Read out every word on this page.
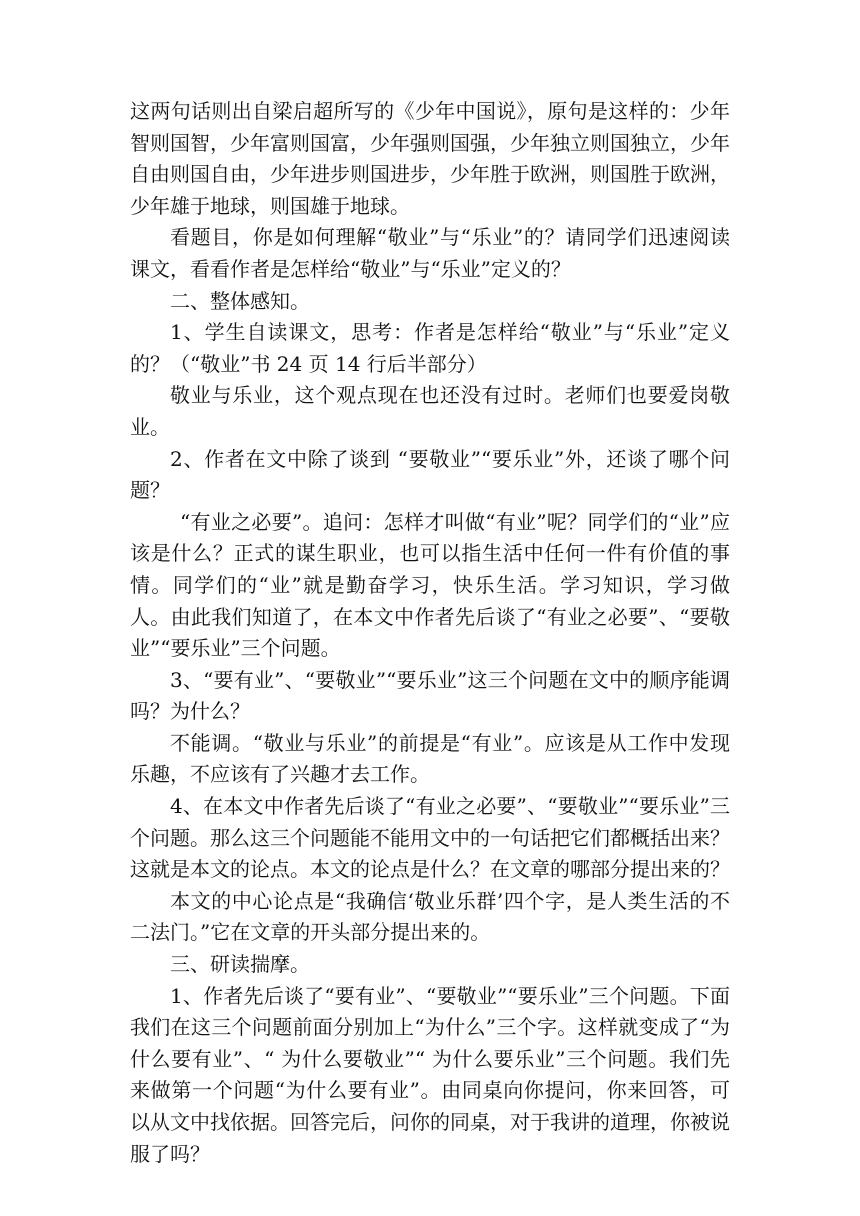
这两句话则出自梁启超所写的《少年中国说》，原句是这样的：少年智则国智，少年富则国富，少年强则国强，少年独立则国独立，少年自由则国自由，少年进步则国进步，少年胜于欧洲，则国胜于欧洲，少年雄于地球，则国雄于地球。

看题目，你是如何理解“敬业”与“乐业”的？请同学们迅速阅读课文，看看作者是怎样给“敬业”与“乐业”定义的？

二、整体感知。

1、学生自读课文，思考：作者是怎样给“敬业”与“乐业”定义的？（“敬业”书 24 页 14 行后半部分）

敬业与乐业，这个观点现在也还没有过时。老师们也要爱岗敬业。

2、作者在文中除了谈到 “要敬业”“要乐业”外，还谈了哪个问题？

“有业之必要”。追问：怎样才叫做“有业”呢？同学们的“业”应该是什么？正式的谋生职业，也可以指生活中任何一件有价值的事情。同学们的“业”就是勤奋学习，快乐生活。学习知识，学习做人。由此我们知道了，在本文中作者先后谈了“有业之必要”、“要敬业”“要乐业”三个问题。

3、“要有业”、“要敬业”“要乐业”这三个问题在文中的顺序能调吗？为什么？

不能调。“敬业与乐业”的前提是“有业”。应该是从工作中发现乐趣，不应该有了兴趣才去工作。

4、在本文中作者先后谈了“有业之必要”、“要敬业”“要乐业”三个问题。那么这三个问题能不能用文中的一句话把它们都概括出来？这就是本文的论点。本文的论点是什么？在文章的哪部分提出来的？

本文的中心论点是“我确信‘敬业乐群’四个字，是人类生活的不二法门。”它在文章的开头部分提出来的。

三、研读揣摩。

1、作者先后谈了“要有业”、“要敬业”“要乐业”三个问题。下面我们在这三个问题前面分别加上“为什么”三个字。这样就变成了“为什么要有业”、“ 为什么要敬业”“ 为什么要乐业”三个问题。我们先来做第一个问题“为什么要有业”。由同桌向你提问，你来回答，可以从文中找依据。回答完后，问你的同桌，对于我讲的道理，你被说服了吗？
